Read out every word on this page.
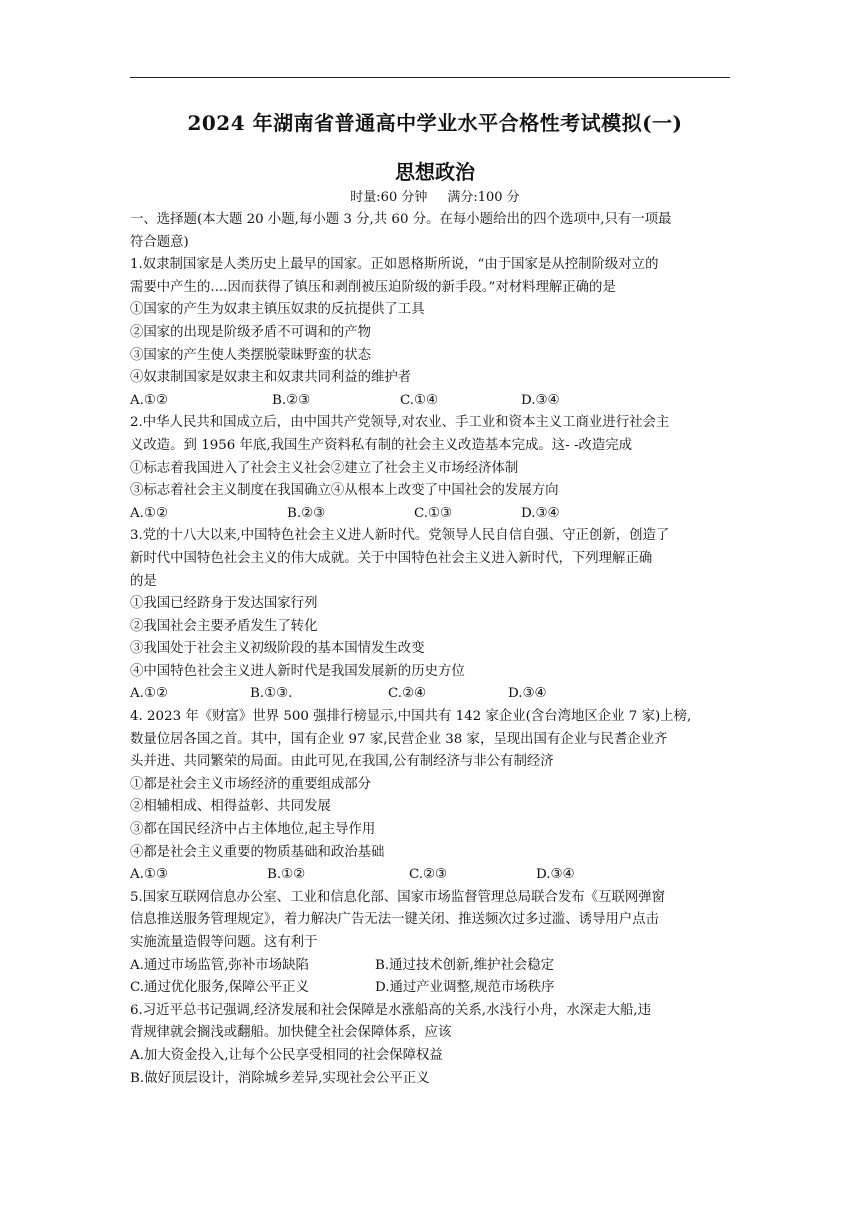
2024 年湖南省普通高中学业水平合格性考试模拟(一)
思想政治
时量:60 分钟 满分:100 分
一、选择题(本大题 20 小题,每小题 3 分,共 60 分。在每小题给出的四个选项中,只有一项最
符合题意)
1.奴隶制国家是人类历史上最早的国家。正如恩格斯所说，“由于国家是从控制阶级对立的
需要中产生的....因而获得了镇压和剥削被压迫阶级的新手段。”对材料理解正确的是
①国家的产生为奴隶主镇压奴隶的反抗提供了工具
②国家的出现是阶级矛盾不可调和的产物
③国家的产生使人类摆脱蒙昧野蛮的状态
④奴隶制国家是奴隶主和奴隶共同利益的维护者
A.①②	B.②③	C.①④	D.③④
2.中华人民共和国成立后，由中国共产党领导,对农业、手工业和资本主义工商业进行社会主
义改造。到 1956 年底,我国生产资料私有制的社会主义改造基本完成。这- -改造完成
①标志着我国进入了社会主义社会②建立了社会主义市场经济体制
③标志着社会主义制度在我国确立④从根本上改变了中国社会的发展方向
A.①②	B.②③	C.①③	D.③④
3.党的十八大以来,中国特色社会主义进人新时代。党领导人民自信自强、守正创新，创造了
新时代中国特色社会主义的伟大成就。关于中国特色社会主义进入新时代，下列理解正确
的是
①我国已经跻身于发达国家行列
②我国社会主要矛盾发生了转化
③我国处于社会主义初级阶段的基本国情发生改变
④中国特色社会主义进人新时代是我国发展新的历史方位
A.①②	B.①③.	C.②④	D.③④
4. 2023 年《财富》世界 500 强排行榜显示,中国共有 142 家企业(含台湾地区企业 7 家)上榜,
数量位居各国之首。其中，国有企业 97 家,民营企业 38 家，呈现出国有企业与民耆企业齐
头并进、共同繁荣的局面。由此可见,在我国,公有制经济与非公有制经济
①都是社会主义市场经济的重要组成部分
②相辅相成、相得益彰、共同发展
③都在国民经济中占主体地位,起主导作用
④都是社会主义重要的物质基础和政治基础
A.①③	B.①②	C.②③	D.③④
5.国家互联网信息办公室、工业和信息化部、国家市场监督管理总局联合发布《互联网弹窗
信息推送服务管理规定》，着力解决广告无法一键关闭、推送频次过多过滥、诱导用户点击
实施流量造假等问题。这有利于
A.通过市场监管,弥补市场缺陷	B.通过技术创新,维护社会稳定
C.通过优化服务,保障公平正义	D.通过产业调整,规范市场秩序
6.习近平总书记强调,经济发展和社会保障是水涨船高的关系,水浅行小舟，水深走大船,违
背规律就会搁浅或翻船。加快健全社会保障体系，应该
A.加大资金投入,让每个公民享受相同的社会保障权益
B.做好顶层设计，消除城乡差异,实现社会公平正义
